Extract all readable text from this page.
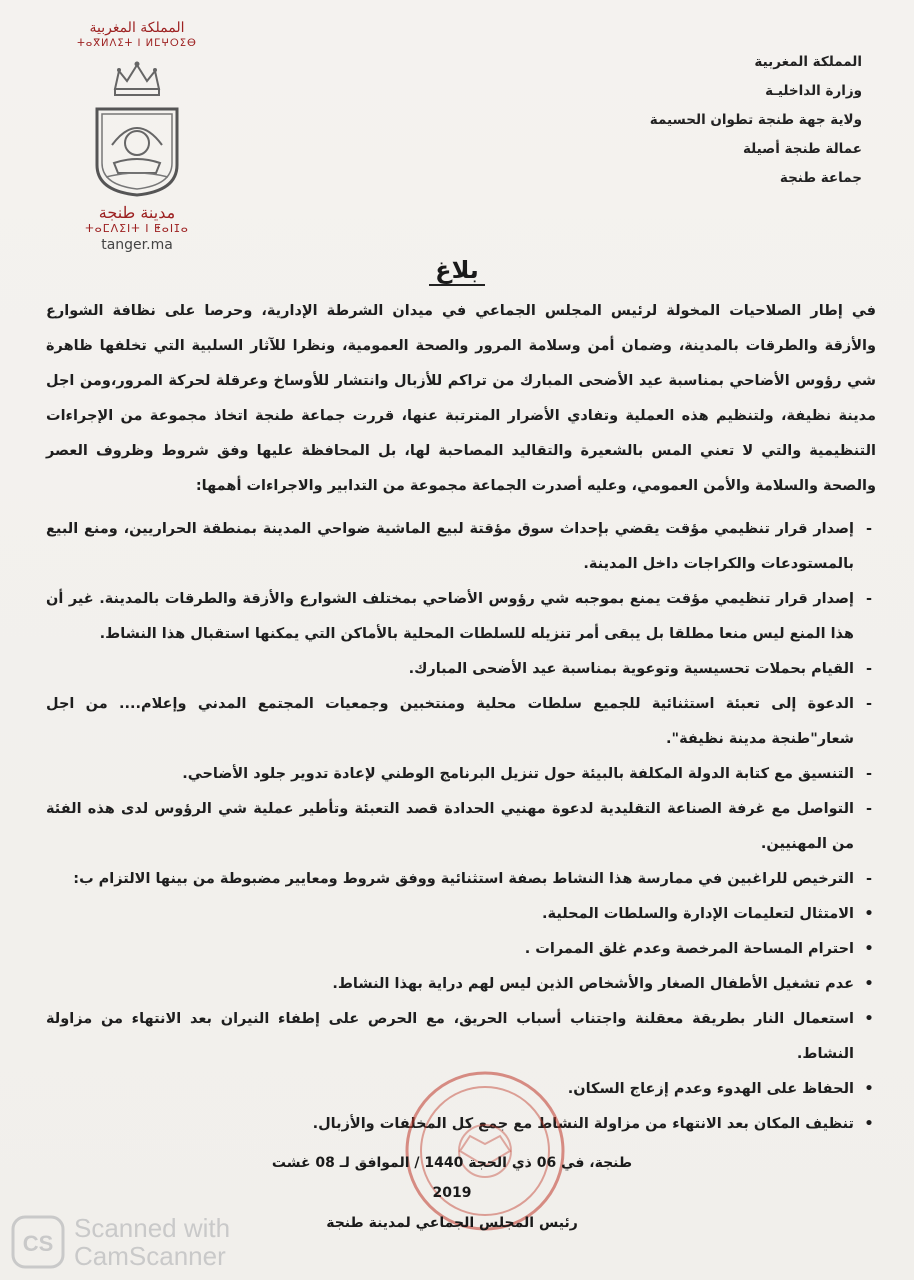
المملكة المغربية
ⵜⴰⴳⵍⴷⵉⵜ ⵏ ⵍⵎⵖⵔⵉⴱ
مدينة طنجة
ⵜⴰⵎⴷⵉⵏⵜ ⵏ ⵟⴰⵏⵊⴰ
tanger.ma
المملكة المغربية
وزارة الداخليـة
ولاية جهة طنجة تطوان الحسيمة
عمالة طنجة أصيلة
جماعة طنجة
بلاغ

في إطار الصلاحيات المخولة لرئيس المجلس الجماعي في ميدان الشرطة الإدارية، وحرصا على نظافة الشوارع والأزقة والطرقات بالمدينة، وضمان أمن وسلامة المرور والصحة العمومية، ونظرا للآثار السلبية التي تخلفها ظاهرة شي رؤوس الأضاحي بمناسبة عيد الأضحى المبارك من تراكم للأزبال وانتشار للأوساخ وعرقلة لحركة المرور،ومن اجل مدينة نظيفة، ولتنظيم هذه العملية وتفادي الأضرار المترتبة عنها، قررت جماعة طنجة اتخاذ مجموعة من الإجراءات التنظيمية والتي لا تعني المس بالشعيرة والتقاليد المصاحبة لها، بل المحافظة عليها وفق شروط وظروف العصر والصحة والسلامة والأمن العمومي، وعليه أصدرت الجماعة مجموعة من التدابير والاجراءات أهمها:

-
إصدار قرار تنظيمي مؤقت يقضي بإحداث سوق مؤقتة لبيع الماشية ضواحي المدينة بمنطقة الحراريين، ومنع البيع بالمستودعات والكراجات داخل المدينة.
-
إصدار قرار تنظيمي مؤقت يمنع بموجبه شي رؤوس الأضاحي بمختلف الشوارع والأزقة والطرقات بالمدينة. غير أن هذا المنع ليس منعا مطلقا بل يبقى أمر تنزيله للسلطات المحلية بالأماكن التي يمكنها استقبال هذا النشاط.
-
القيام بحملات تحسيسية وتوعوية بمناسبة عيد الأضحى المبارك.
-
الدعوة إلى تعبئة استثنائية للجميع سلطات محلية ومنتخبين وجمعيات المجتمع المدني وإعلام.... من اجل شعار"طنجة مدينة نظيفة".
-
التنسيق مع كتابة الدولة المكلفة بالبيئة حول تنزيل البرنامج الوطني لإعادة تدوير جلود الأضاحي.
-
التواصل مع غرفة الصناعة التقليدية لدعوة مهنيي الحدادة قصد التعبئة وتأطير عملية شي الرؤوس لدى هذه الفئة من المهنيين.
-
الترخيص للراغبين في ممارسة هذا النشاط بصفة استثنائية ووفق شروط ومعايير مضبوطة من بينها الالتزام ب:
•
الامتثال لتعليمات الإدارة والسلطات المحلية.
•
احترام المساحة المرخصة وعدم غلق الممرات .
•
عدم تشغيل الأطفال الصغار والأشخاص الذين ليس لهم دراية بهذا النشاط.
•
استعمال النار بطريقة معقلنة واجتناب أسباب الحريق، مع الحرص على إطفاء النيران بعد الانتهاء من مزاولة النشاط.
•
الحفاظ على الهدوء وعدم إزعاج السكان.
•
تنظيف المكان بعد الانتهاء من مزاولة النشاط مع جمع كل المخلفات والأزبال.
طنجة، في 06 ذي الحجة 1440 / الموافق لـ 08 غشت 2019
رئيس المجلس الجماعي لمدينة طنجة
CS
Scanned with
CamScanner
